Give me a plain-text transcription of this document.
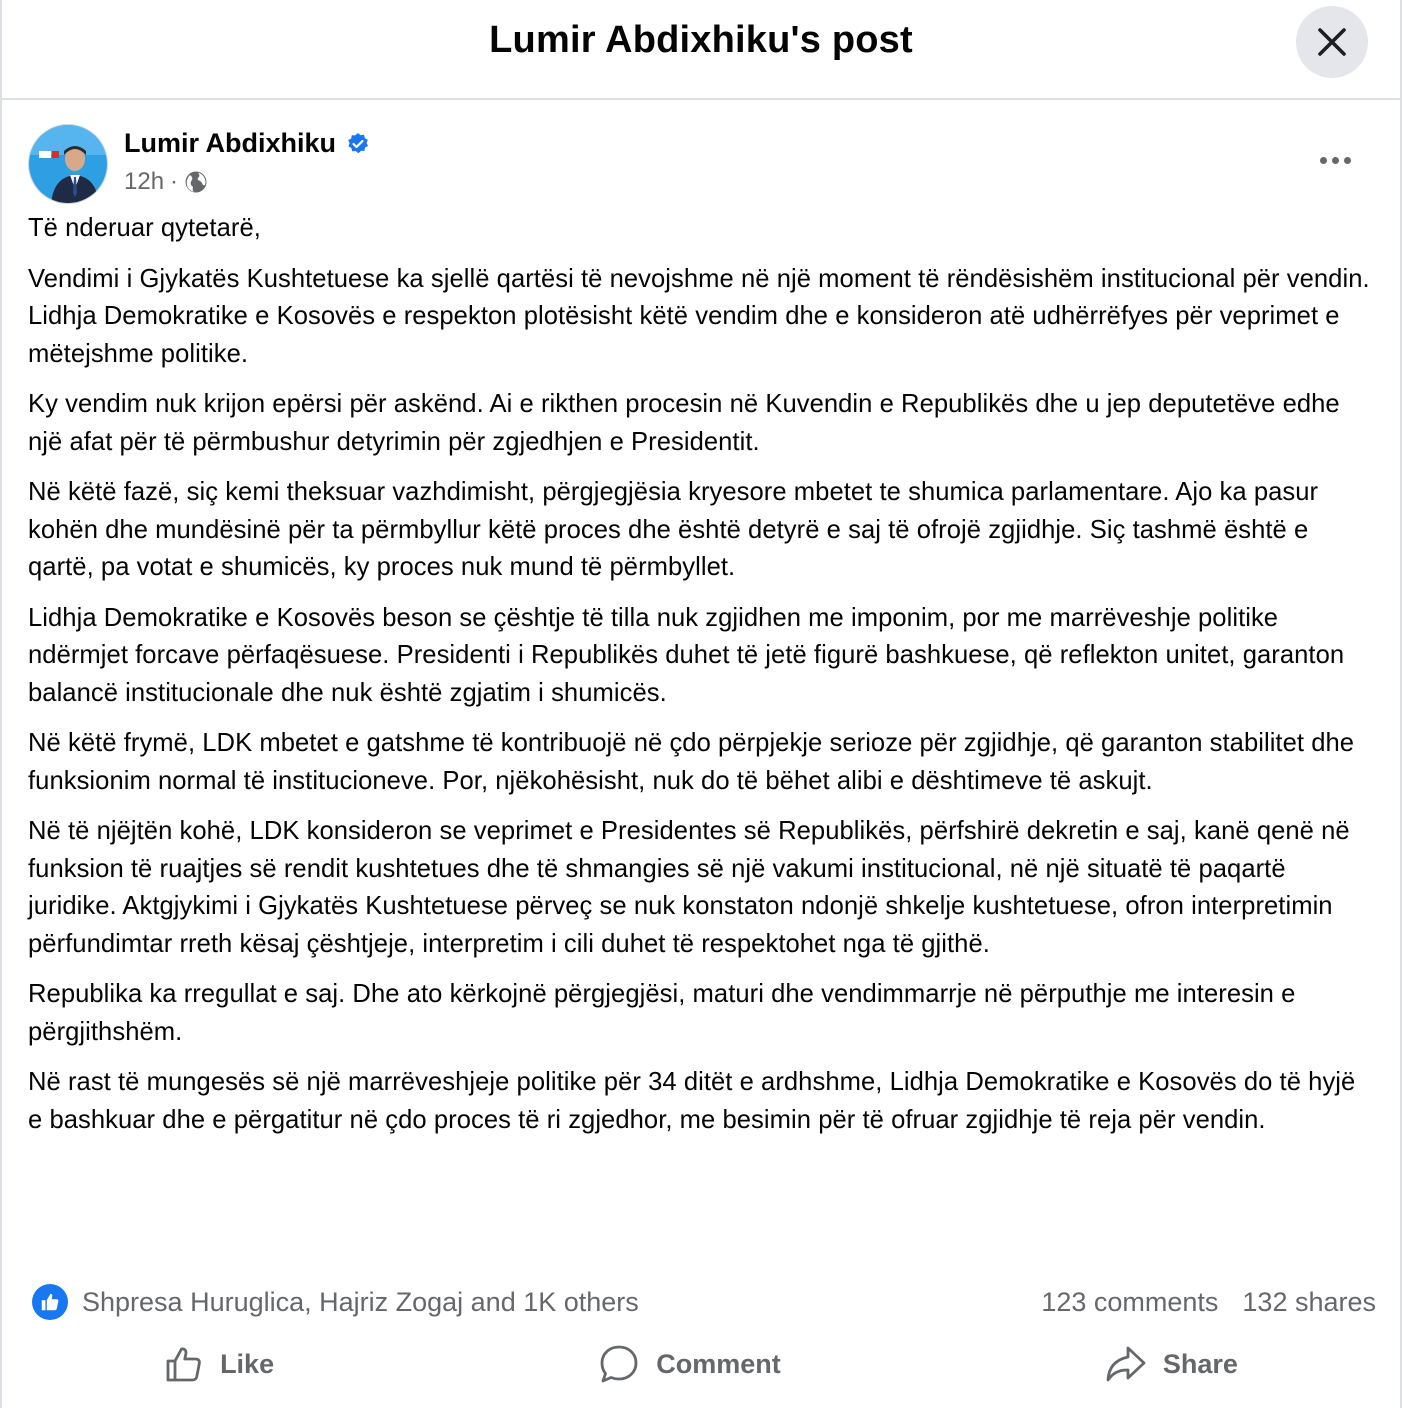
Lumir Abdixhiku's post
Lumir Abdixhiku
12h ·

Të nderuar qytetarë,

Vendimi i Gjykatës Kushtetuese ka sjellë qartësi të nevojshme në një moment të rëndësishëm institucional për vendin. Lidhja Demokratike e Kosovës e respekton plotësisht këtë vendim dhe e konsideron atë udhërrëfyes për veprimet e mëtejshme politike.

Ky vendim nuk krijon epërsi për askënd. Ai e rikthen procesin në Kuvendin e Republikës dhe u jep deputetëve edhe një afat për të përmbushur detyrimin për zgjedhjen e Presidentit.

Në këtë fazë, siç kemi theksuar vazhdimisht, përgjegjësia kryesore mbetet te shumica parlamentare. Ajo ka pasur kohën dhe mundësinë për ta përmbyllur këtë proces dhe është detyrë e saj të ofrojë zgjidhje. Siç tashmë është e qartë, pa votat e shumicës, ky proces nuk mund të përmbyllet.

Lidhja Demokratike e Kosovës beson se çështje të tilla nuk zgjidhen me imponim, por me marrëveshje politike ndërmjet forcave përfaqësuese. Presidenti i Republikës duhet të jetë figurë bashkuese, që reflekton unitet, garanton balancë institucionale dhe nuk është zgjatim i shumicës.

Në këtë frymë, LDK mbetet e gatshme të kontribuojë në çdo përpjekje serioze për zgjidhje, që garanton stabilitet dhe funksionim normal të institucioneve. Por, njëkohësisht, nuk do të bëhet alibi e dështimeve të askujt.

Në të njëjtën kohë, LDK konsideron se veprimet e Presidentes së Republikës, përfshirë dekretin e saj, kanë qenë në funksion të ruajtjes së rendit kushtetues dhe të shmangies së një vakumi institucional, në një situatë të paqartë juridike. Aktgjykimi i Gjykatës Kushtetuese përveç se nuk konstaton ndonjë shkelje kushtetuese, ofron interpretimin përfundimtar rreth kësaj çështjeje, interpretim i cili duhet të respektohet nga të gjithë.

Republika ka rregullat e saj. Dhe ato kërkojnë përgjegjësi, maturi dhe vendimmarrje në përputhje me interesin e përgjithshëm.

Në rast të mungesës së një marrëveshjeje politike për 34 ditët e ardhshme, Lidhja Demokratike e Kosovës do të hyjë e bashkuar dhe e përgatitur në çdo proces të ri zgjedhor, me besimin për të ofruar zgjidhje të reja për vendin.

Shpresa Huruglica, Hajriz Zogaj and 1K others	123 comments 132 shares
Like	Comment	Share
